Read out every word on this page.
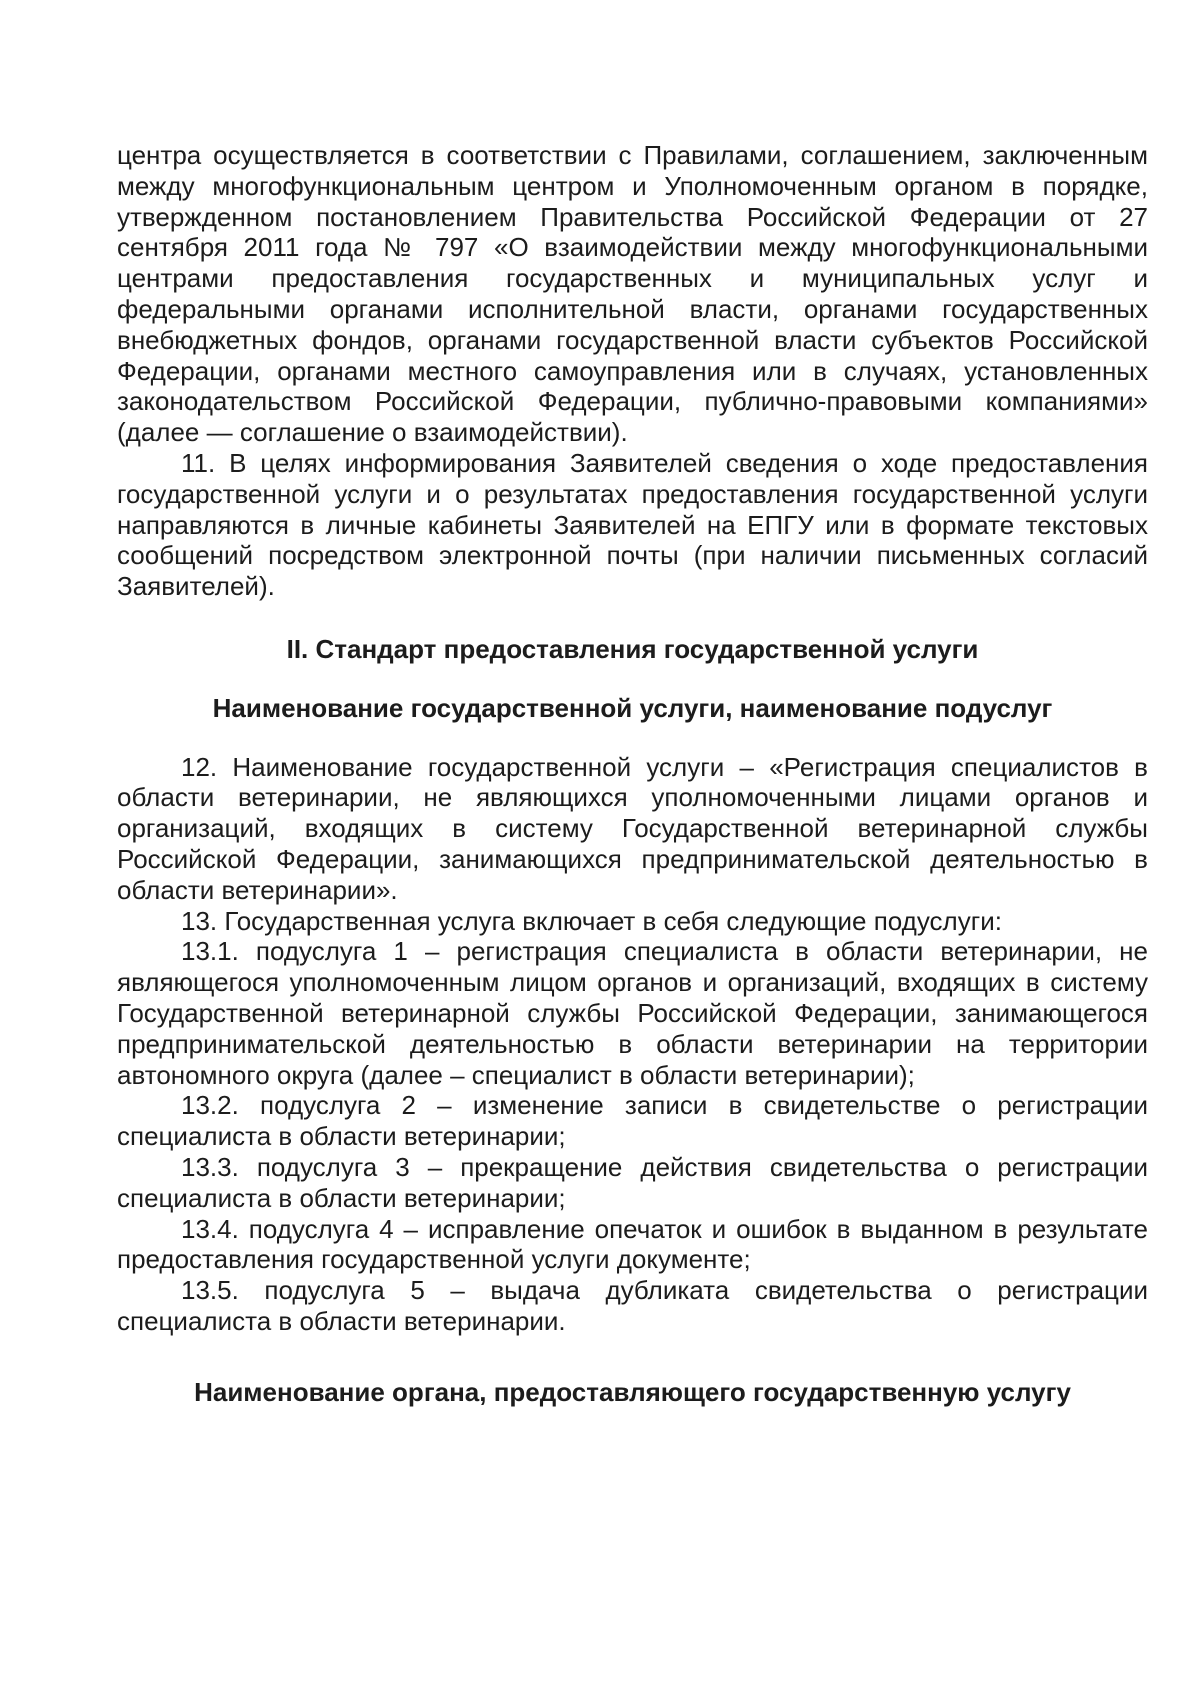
центра осуществляется в соответствии с Правилами, соглашением, заключенным между многофункциональным центром и Уполномоченным органом в порядке, утвержденном постановлением Правительства Российской Федерации от 27 сентября 2011 года № 797 «О взаимодействии между многофункциональными центрами предоставления государственных и муниципальных услуг и федеральными органами исполнительной власти, органами государственных внебюджетных фондов, органами государственной власти субъектов Российской Федерации, органами местного самоуправления или в случаях, установленных законодательством Российской Федерации, публично-правовыми компаниями» (далее — соглашение о взаимодействии).

11. В целях информирования Заявителей сведения о ходе предоставления государственной услуги и о результатах предоставления государственной услуги направляются в личные кабинеты Заявителей на ЕПГУ или в формате текстовых сообщений посредством электронной почты (при наличии письменных согласий Заявителей).

II. Стандарт предоставления государственной услуги

Наименование государственной услуги, наименование подуслуг

12. Наименование государственной услуги – «Регистрация специалистов в области ветеринарии, не являющихся уполномоченными лицами органов и организаций, входящих в систему Государственной ветеринарной службы Российской Федерации, занимающихся предпринимательской деятельностью в области ветеринарии».

13. Государственная услуга включает в себя следующие подуслуги:

13.1. подуслуга 1 – регистрация специалиста в области ветеринарии, не являющегося уполномоченным лицом органов и организаций, входящих в систему Государственной ветеринарной службы Российской Федерации, занимающегося предпринимательской деятельностью в области ветеринарии на территории автономного округа (далее – специалист в области ветеринарии);

13.2. подуслуга 2 – изменение записи в свидетельстве о регистрации специалиста в области ветеринарии;

13.3. подуслуга 3 – прекращение действия свидетельства о регистрации специалиста в области ветеринарии;

13.4. подуслуга 4 – исправление опечаток и ошибок в выданном в результате предоставления государственной услуги документе;

13.5. подуслуга 5 – выдача дубликата свидетельства о регистрации специалиста в области ветеринарии.

Наименование органа, предоставляющего государственную услугу
